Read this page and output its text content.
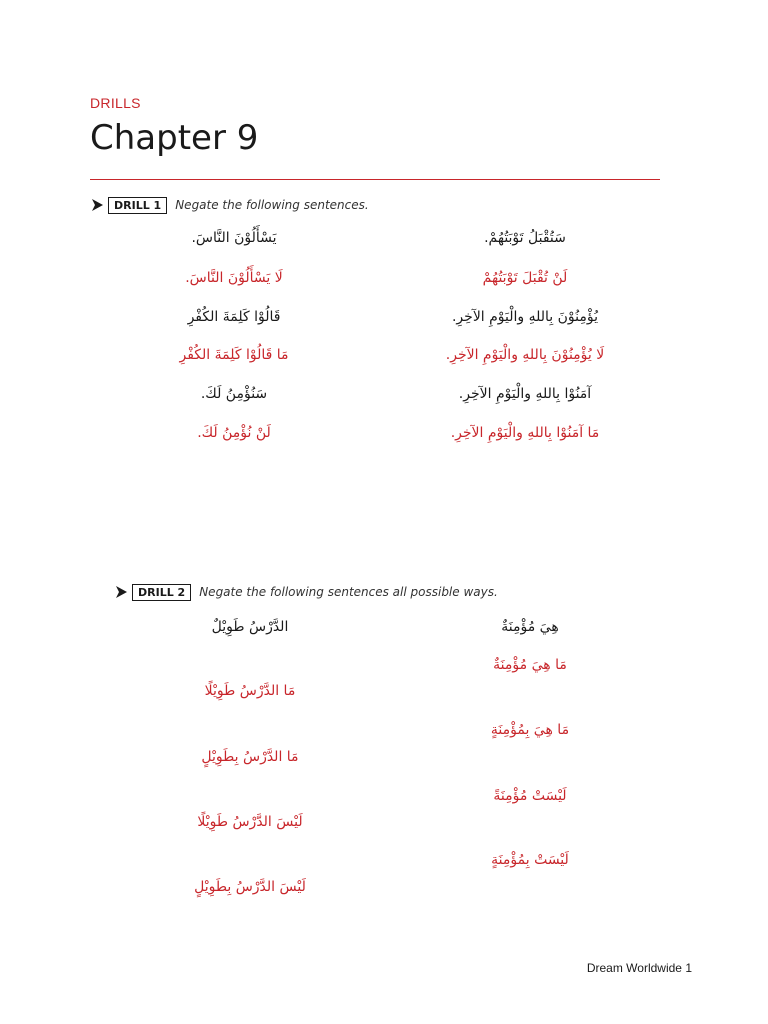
DRILLS
Chapter 9
DRILL 1	Negate the following sentences.
سَتُقْبَلُ تَوْبَتُهُمْ.
لَنْ تُقْبَلَ تَوْبَتُهُمْ
يُؤْمِنُوْنَ بِاللهِ والْيَوْمِ الآخِرِ.
لَا يُؤْمِنُوْنَ بِاللهِ والْيَوْمِ الآخِرِ.
آمَنُوْا بِاللهِ والْيَوْمِ الآخِرِ.
مَا آمَنُوْا بِاللهِ والْيَوْمِ الآخِرِ.
يَسْأَلُوْنَ النَّاسَ.
لَا يَسْأَلُوْنَ النَّاسَ.
قَالُوْا كَلِمَةَ الكُفْرِ
مَا قَالُوْا كَلِمَةَ الكُفْرِ
سَنُؤْمِنُ لَكَ.
لَنْ نُؤْمِنُ لَكَ.
DRILL 2	Negate the following sentences all possible ways.
هِيَ مُؤْمِنَةٌ
مَا هِيَ مُؤْمِنَةٌ
مَا هِيَ بِمُؤْمِنَةٍ
لَيْسَتْ مُؤْمِنَةً
لَيْسَتْ بِمُؤْمِنَةٍ
الدَّرْسُ طَوِيْلٌ
مَا الدَّرْسُ طَوِيْلًا
مَا الدَّرْسُ بِطَوِيْلٍ
لَيْسَ الدَّرْسُ طَوِيْلًا
لَيْسَ الدَّرْسُ بِطَوِيْلٍ
Dream Worldwide 1
